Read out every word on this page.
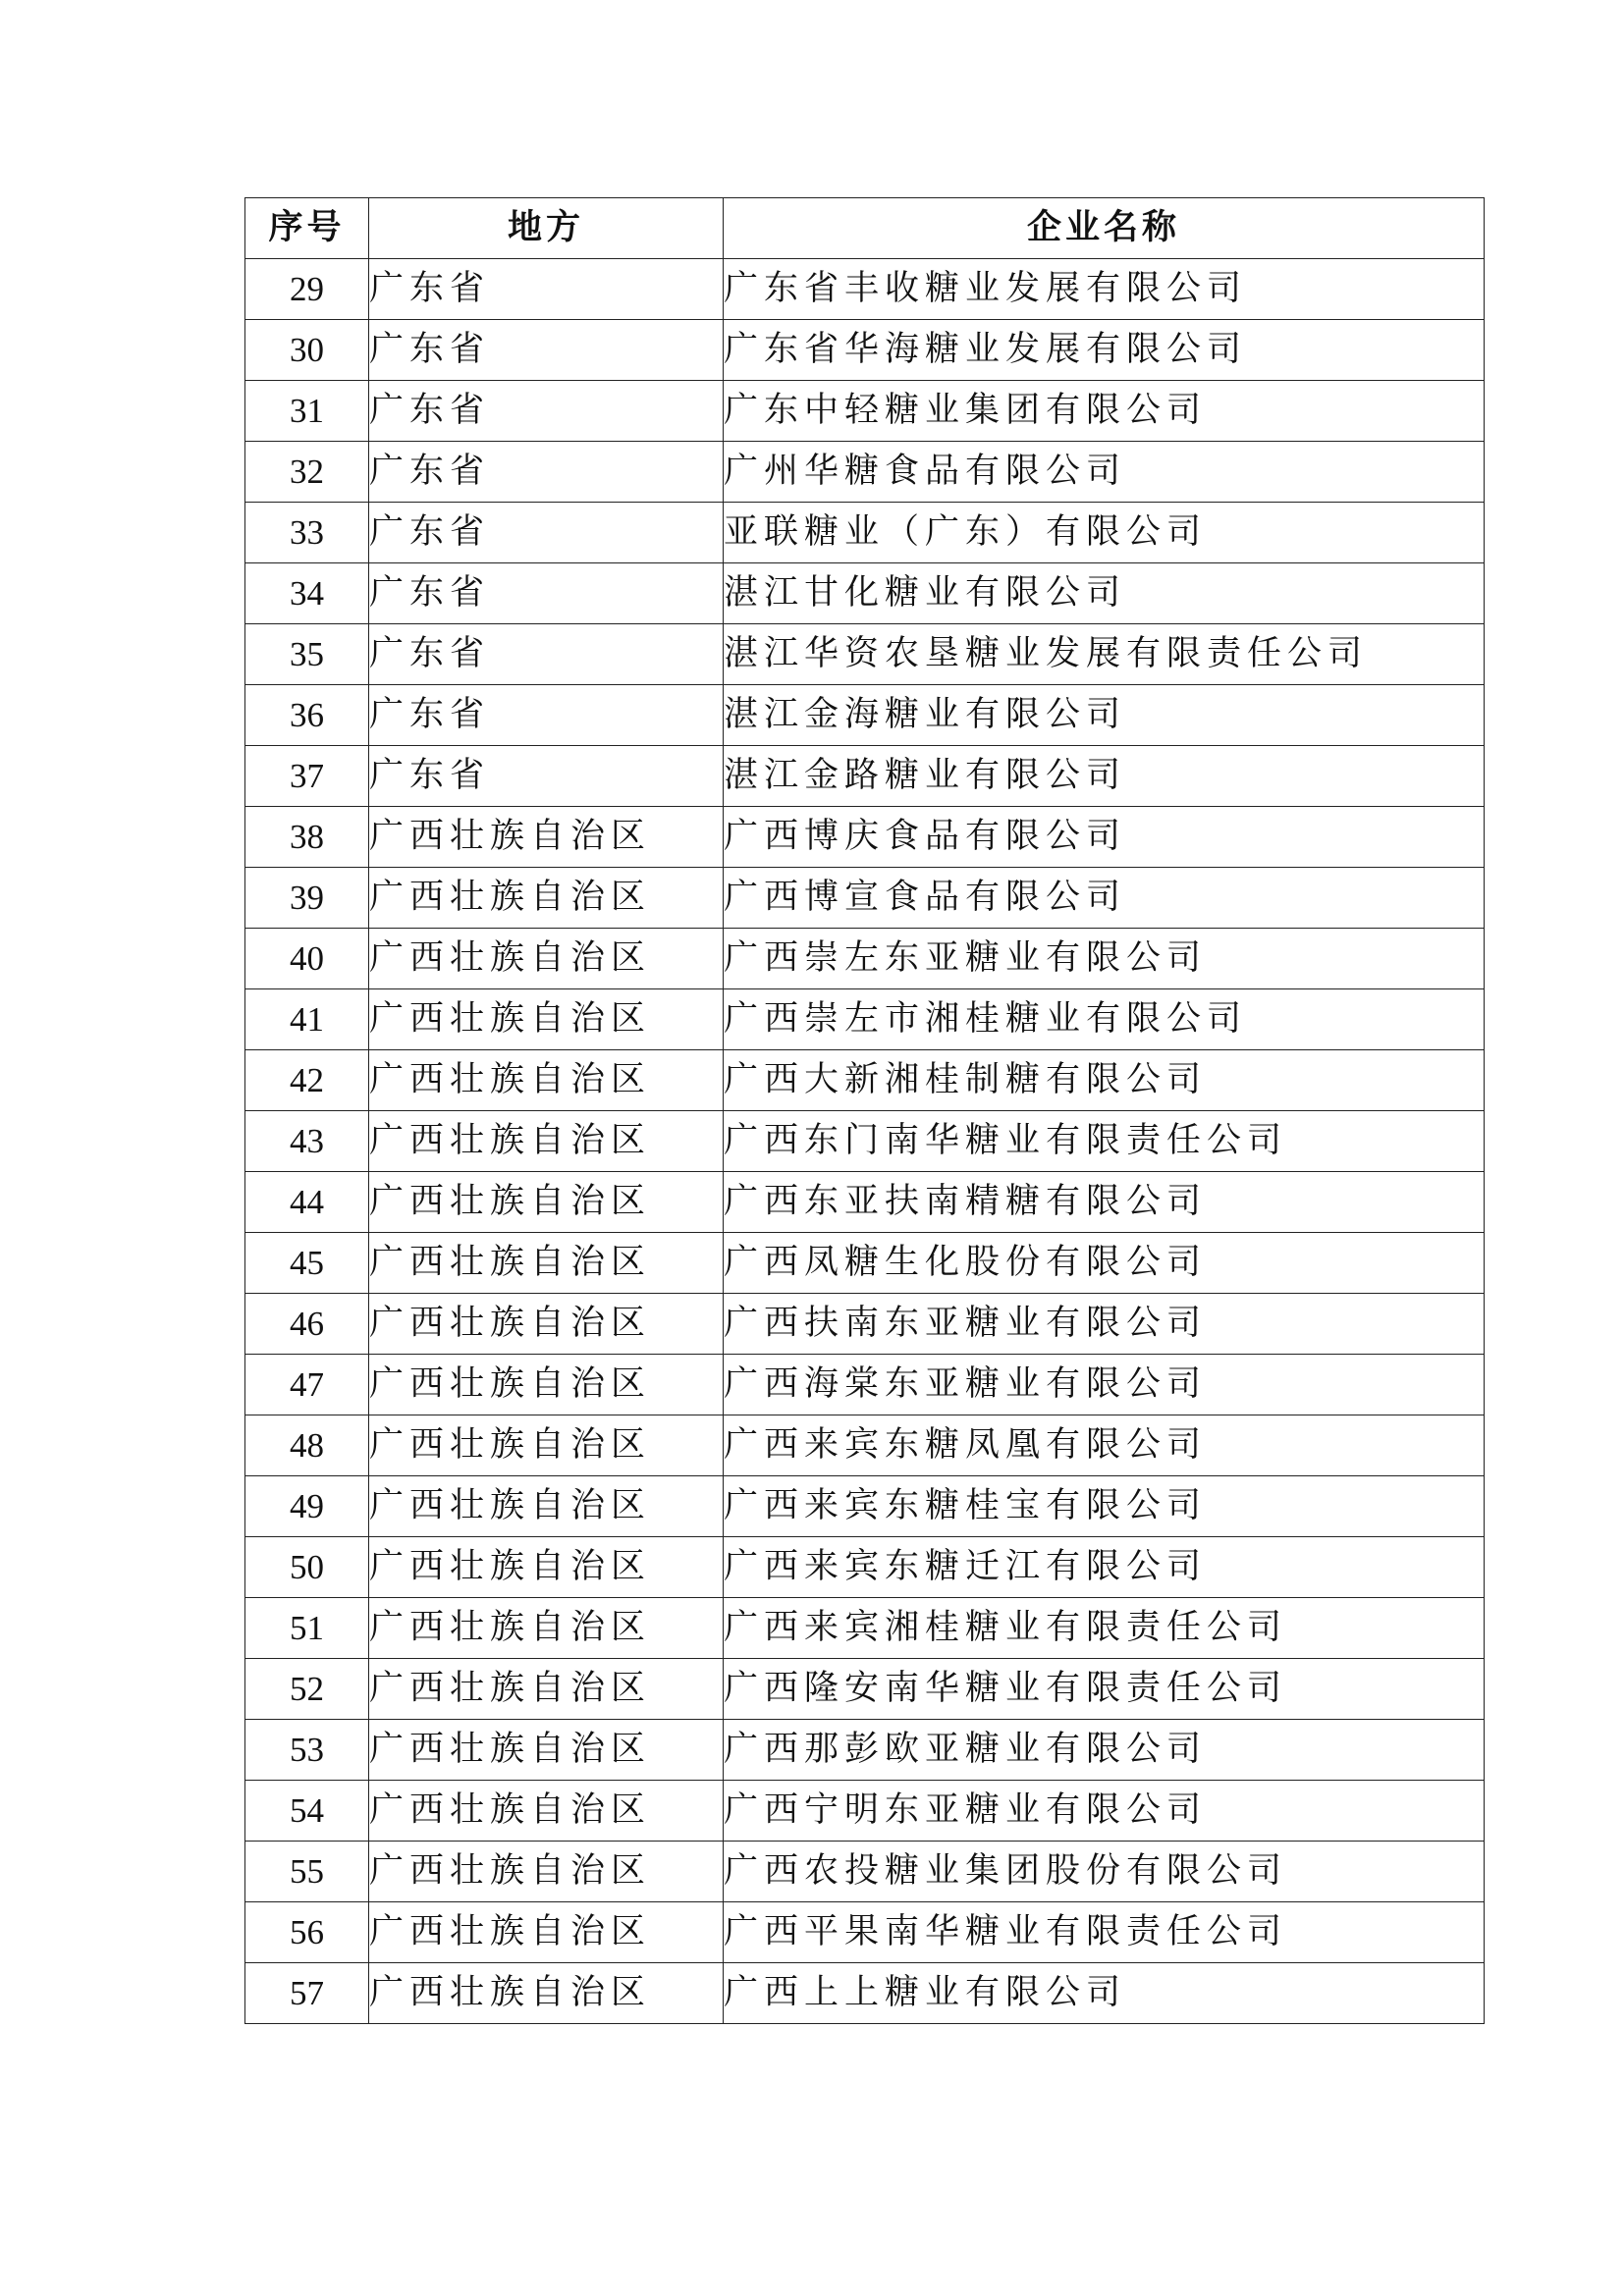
序号	地方	企业名称
29	广东省	广东省丰收糖业发展有限公司
30	广东省	广东省华海糖业发展有限公司
31	广东省	广东中轻糖业集团有限公司
32	广东省	广州华糖食品有限公司
33	广东省	亚联糖业（广东）有限公司
34	广东省	湛江甘化糖业有限公司
35	广东省	湛江华资农垦糖业发展有限责任公司
36	广东省	湛江金海糖业有限公司
37	广东省	湛江金路糖业有限公司
38	广西壮族自治区	广西博庆食品有限公司
39	广西壮族自治区	广西博宣食品有限公司
40	广西壮族自治区	广西崇左东亚糖业有限公司
41	广西壮族自治区	广西崇左市湘桂糖业有限公司
42	广西壮族自治区	广西大新湘桂制糖有限公司
43	广西壮族自治区	广西东门南华糖业有限责任公司
44	广西壮族自治区	广西东亚扶南精糖有限公司
45	广西壮族自治区	广西凤糖生化股份有限公司
46	广西壮族自治区	广西扶南东亚糖业有限公司
47	广西壮族自治区	广西海棠东亚糖业有限公司
48	广西壮族自治区	广西来宾东糖凤凰有限公司
49	广西壮族自治区	广西来宾东糖桂宝有限公司
50	广西壮族自治区	广西来宾东糖迁江有限公司
51	广西壮族自治区	广西来宾湘桂糖业有限责任公司
52	广西壮族自治区	广西隆安南华糖业有限责任公司
53	广西壮族自治区	广西那彭欧亚糖业有限公司
54	广西壮族自治区	广西宁明东亚糖业有限公司
55	广西壮族自治区	广西农投糖业集团股份有限公司
56	广西壮族自治区	广西平果南华糖业有限责任公司
57	广西壮族自治区	广西上上糖业有限公司
